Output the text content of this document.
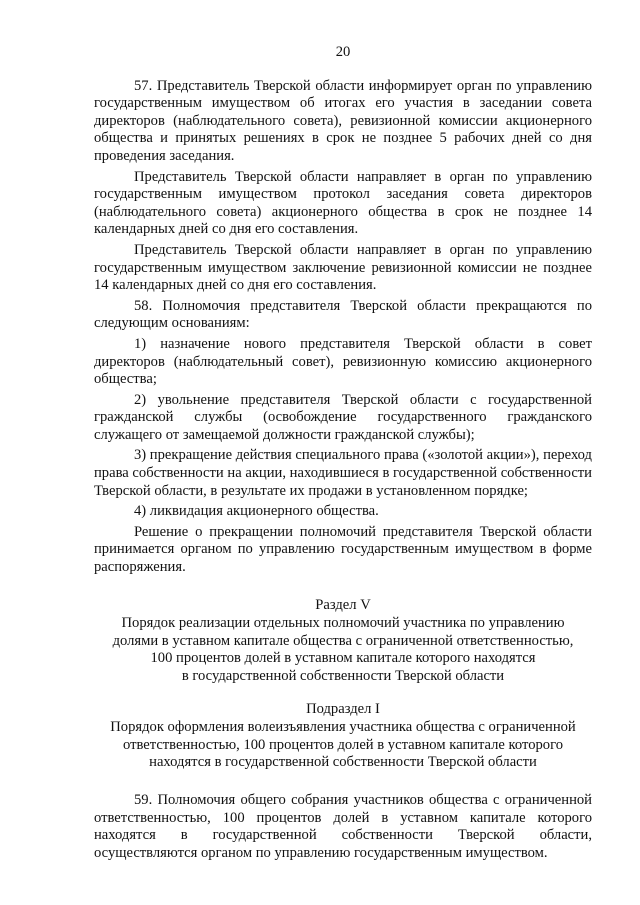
20

57. Представитель Тверской области информирует орган по управлению государственным имуществом об итогах его участия в заседании совета директоров (наблюдательного совета), ревизионной комиссии акционерного общества и принятых решениях в срок не позднее 5 рабочих дней со дня проведения заседания.

Представитель Тверской области направляет в орган по управлению государственным имуществом протокол заседания совета директоров (наблюдательного совета) акционерного общества в срок не позднее 14 календарных дней со дня его составления.

Представитель Тверской области направляет в орган по управлению государственным имуществом заключение ревизионной комиссии не позднее 14 календарных дней со дня его составления.

58. Полномочия представителя Тверской области прекращаются по следующим основаниям:

1) назначение нового представителя Тверской области в совет директоров (наблюдательный совет), ревизионную комиссию акционерного общества;

2) увольнение представителя Тверской области с государственной гражданской службы (освобождение государственного гражданского служащего от замещаемой должности гражданской службы);

3) прекращение действия специального права («золотой акции»), переход права собственности на акции, находившиеся в государственной собственности Тверской области, в результате их продажи в установленном порядке;

4) ликвидация акционерного общества.

Решение о прекращении полномочий представителя Тверской области принимается органом по управлению государственным имуществом в форме распоряжения.

Раздел V
Порядок реализации отдельных полномочий участника по управлению
долями в уставном капитале общества с ограниченной ответственностью,
100 процентов долей в уставном капитале которого находятся
в государственной собственности Тверской области
Подраздел I
Порядок оформления волеизъявления участника общества с ограниченной
ответственностью, 100 процентов долей в уставном капитале которого
находятся в государственной собственности Тверской области

59. Полномочия общего собрания участников общества с ограниченной ответственностью, 100 процентов долей в уставном капитале которого находятся в государственной собственности Тверской области, осуществляются органом по управлению государственным имуществом.
